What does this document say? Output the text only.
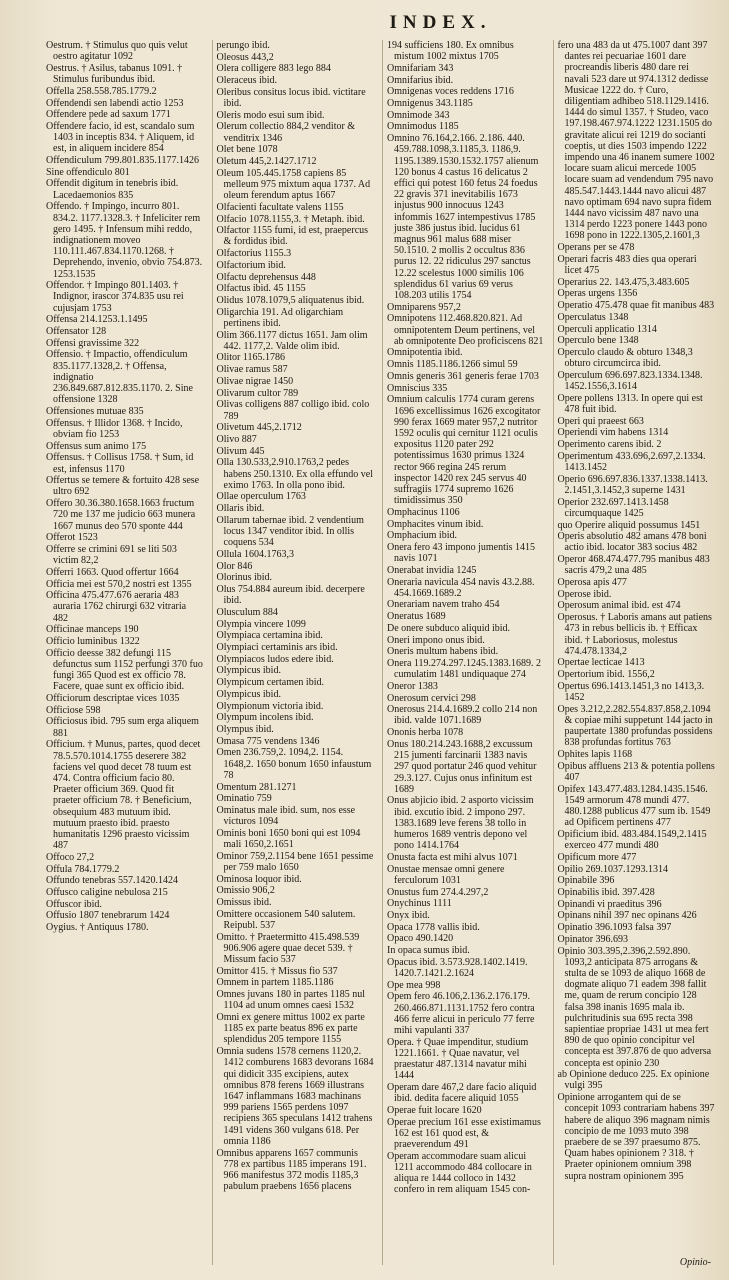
INDEX.
Oestrum. † Stimulus quo quis velut oestro agitatur 1092
Oestrus. † Asilus, tabanus 1091. † Stimulus furibundus ibid.
Offella 258.558.785.1779.2
Offendendi sen labendi actio 1253
Offendere pede ad saxum 1771
Offendere facio, id est, scandalo sum 1403 in inceptis 834. † Aliquem, id est, in aliquem incidere 854
Offendiculum 799.801.835.1177.1426
Sine offendiculo 801
Offendit digitum in tenebris ibid. Lacedaemonios 835
Offendo. † Impingo, incurro 801. 834.2. 1177.1328.3. † Infeliciter rem gero 1495. † Infensum mihi reddo, indignationem moveo 110.111.467.834.1170.1268. † Deprehendo, invenio, obvio 754.873. 1253.1535
Offendor. † Impingo 801.1403. † Indignor, irascor 374.835 usu rei cujusjam 1753
Offensa 214.1253.1.1495
Offensator 128
Offensi gravissime 322
Offensio. † Impactio, offendiculum 835.1177.1328,2. † Offensa, indignatio 236.849.687.812.835.1170. 2. Sine offensione 1328
Offensiones mutuae 835
Offensus. † Illidor 1368. † Incido, obviam fio 1253
Offensus sum animo 175
Offensus. † Collisus 1758. † Sum, id est, infensus 1170
Offertus se temere & fortuito 428 sese ultro 692
Offero 30.36.380.1658.1663 fructum 720 me 137 me judicio 663 munera 1667 munus deo 570 sponte 444
Offerot 1523
Offerre se crimini 691 se liti 503 victim 82,2
Offerri 1663. Quod offertur 1664
Officia mei est 570,2 nostri est 1355
Officina 475.477.676 aeraria 483 auraria 1762 chirurgi 632 vitraria 482
Officinae manceps 190
Officio luminibus 1322
Officio deesse 382 defungi 115 defunctus sum 1152 perfungi 370 fuo fungi 365 Quod est ex officio 78. Facere, quae sunt ex officio ibid.
Officiorum descriptae vices 1035
Officiose 598
Officiosus ibid. 795 sum erga aliquem 881
Officium. † Munus, partes, quod decet 78.5.570.1014.1755 deserere 382 faciens vel quod decet 78 tuum est 474. Contra officium facio 80. Praeter officium 369. Quod fit praeter officium 78. † Beneficium, obsequium 483 mutuum ibid. mutuum praesto ibid. praesto humanitatis 1296 praesto vicissim 487
Offoco 27,2
Offula 784.1779.2
Offundo tenebras 557.1420.1424
Offusco caligine nebulosa 215
Offuscor ibid.
Offusio 1807 tenebrarum 1424
Oygius. † Antiquus 1780.
perungo ibid.
Oleosus 443,2
Olera colligere 883 lego 884
Oleraceus ibid.
Oleribus consitus locus ibid. victitare ibid.
Oleris modo esui sum ibid.
Olerum collectio 884,2 venditor & venditrix 1346
Olet bene 1078
Oletum 445,2.1427.1712
Oleum 105.445.1758 capiens 85 melleum 975 mixtum aqua 1737. Ad oleum ferendum aptus 1667
Olfacienti facultate valens 1155
Olfacio 1078.1155,3. † Metaph. ibid.
Olfactor 1155 fumi, id est, praepercus & fordidus ibid.
Olfactorius 1155.3
Olfactorium ibid.
Olfactu deprehensus 448
Olfactus ibid. 45 1155
Olidus 1078.1079,5 aliquatenus ibid.
Oligarchia 191. Ad oligarchiam pertinens ibid.
Olim 366.1177 dictus 1651. Jam olim 442. 1177,2. Valde olim ibid.
Olitor 1165.1786
Olivae ramus 587
Olivae nigrae 1450
Olivarum cultor 789
Olivas colligens 887 colligo ibid. colo 789
Olivetum 445,2.1712
Olivo 887
Olivum 445
Olla 130.533,2.910.1763,2 pedes habens 250.1310. Ex olla effundo vel eximo 1763. In olla pono ibid.
Ollae operculum 1763
Ollaris ibid.
Ollarum tabernae ibid. 2 vendentium locus 1347 venditor ibid. In ollis coquens 534
Ollula 1604.1763,3
Olor 846
Olorinus ibid.
Olus 754.884 aureum ibid. decerpere ibid.
Olusculum 884
Olympia vincere 1099
Olympiaca certamina ibid.
Olympiaci certaminis ars ibid.
Olympiacos ludos edere ibid.
Olympicus ibid.
Olympicum certamen ibid.
Olympicus ibid.
Olympionum victoria ibid.
Olympum incolens ibid.
Olympus ibid.
Omasa 775 vendens 1346
Omen 236.759,2. 1094,2. 1154. 1648,2. 1650 bonum 1650 infaustum 78
Omentum 281.1271
Ominatio 759
Ominatus male ibid. sum, nos esse victuros 1094
Ominis boni 1650 boni qui est 1094 mali 1650,2.1651
Ominor 759,2.1154 bene 1651 pessime per 759 malo 1650
Ominosa loquor ibid.
Omissio 906,2
Omissus ibid.
Omittere occasionem 540 salutem. Reipubl. 537
Omitto. † Praetermitto 415.498.539 906.906 agere quae decet 539. † Missum facio 537
Omittor 415. † Missus fio 537
Omnem in partem 1185.1186
Omnes juvans 180 in partes 1185 nul 1104 ad unum omnes caesi 1532
Omni ex genere mittus 1002 ex parte 1185 ex parte beatus 896 ex parte splendidus 205 tempore 1155
Omnia sudens 1578 cernens 1120,2. 1412 comburens 1683 devorans 1684 qui didicit 335 excipiens, autex omnibus 878 ferens 1669 illustrans 1647 inflammans 1683 machinans 999 pariens 1565 perdens 1097 recipiens 365 speculans 1412 trahens 1491 videns 360 vulgans 618. Per omnia 1186
Omnibus apparens 1657 communis 778 ex partibus 1185 imperans 191. 966 manifestus 372 modis 1185,3 pabulum praebens 1656 placens
194 sufficiens 180. Ex omnibus mistum 1002 mixtus 1705
Omnifariam 343
Omnifarius ibid.
Omnigenas voces reddens 1716
Omnigenus 343.1185
Omnimode 343
Omnimodus 1185
Omnino 76.164,2.166. 2.186. 440. 459.788.1098,3.1185,3. 1186,9. 1195.1389.1530.1532.1757 alienum 120 bonus 4 castus 16 delicatus 2 effici qui potest 160 fetus 24 foedus 22 gravis 371 inevitabilis 1673 injustus 900 innocuus 1243 infommis 1627 intempestivus 1785 juste 386 justus ibid. lucidus 61 magnus 961 malus 688 miser 50.1510. 2 mollis 2 occultus 836 purus 12. 22 ridiculus 297 sanctus 12.22 scelestus 1000 similis 106 splendidus 61 varius 69 verus 108.203 utilis 1754
Omniparens 957,2
Omnipotens 112.468.820.821. Ad omnipotentem Deum pertinens, vel ab omnipotente Deo proficiscens 821
Omnipotentia ibid.
Omnis 1185.1186.1266 simul 59
Omnis generis 361 generis ferae 1703
Omniscius 335
Omnium calculis 1774 curam gerens 1696 excellissimus 1626 excogitator 990 ferax 1669 mater 957,2 nutritor 1592 oculis qui cernitur 1121 oculis expositus 1120 pater 292 potentissimus 1630 primus 1324 rector 966 regina 245 rerum inspector 1420 rex 245 servus 40 suffragiis 1774 supremo 1626 timidissimus 350
Omphacinus 1106
Omphacites vinum ibid.
Omphacium ibid.
Onera fero 43 impono jumentis 1415 navis 1071
Onerabat invidia 1245
Oneraria navicula 454 navis 43.2.88. 454.1669.1689.2
Onerariam navem traho 454
Oneratus 1689
De onere subduco aliquid ibid.
Oneri impono onus ibid.
Oneris multum habens ibid.
Onera 119.274.297.1245.1383.1689. 2 cumulatim 1481 undiquaque 274
Oneror 1383
Onerosum cervici 298
Onerosus 214.4.1689.2 collo 214 non ibid. valde 1071.1689
Ononis herba 1078
Onus 180.214.243.1688,2 excussum 215 jumenti farcinarii 1383 navis 297 quod portatur 246 quod vehitur 29.3.127. Cujus onus infinitum est 1689
Onus abjicio ibid. 2 asporto vicissim ibid. excutio ibid. 2 impono 297. 1383.1689 leve ferens 38 tollo in humeros 1689 ventris depono vel pono 1414.1764
Onusta facta est mihi alvus 1071
Onustae mensae omni genere ferculorum 1031
Onustus fum 274.4.297,2
Onychinus 1111
Onyx ibid.
Opaca 1778 vallis ibid.
Opaco 490.1420
In opaca sumus ibid.
Opacus ibid. 3.573.928.1402.1419. 1420.7.1421.2.1624
Ope mea 998
Opem fero 46.106,2.136.2.176.179. 260.466.871.1131.1752 fero contra 466 ferre alicui in periculo 77 ferre mihi vapulanti 337
Opera. † Quae impenditur, studium 1221.1661. † Quae navatur, vel praestatur 487.1314 navatur mihi 1444
Operam dare 467,2 dare facio aliquid ibid. dedita facere aliquid 1055
Operae fuit locare 1620
Operae precium 161 esse existimamus 162 est 161 quod est, & praeverendum 491
Operam accommodare suam alicui 1211 accommodo 484 collocare in aliqua re 1444 colloco in 1432 confero in rem aliquam 1545 con-
fero una 483 da ut 475.1007 dant 397 dantes rei pecuariae 1601 dare procreandis liberis 480 dare rei navali 523 dare ut 974.1312 dedisse Musicae 1222 do. † Curo, diligentiam adhibeo 518.1129.1416. 1444 do simul 1357. † Studeo, vaco 197.198.467.974.1222 1231.1505 do gravitate alicui rei 1219 do socianti coeptis, ut dies 1503 impendo 1222 impendo una 46 inanem sumere 1002 locare suam alicui mercede 1005 locare suam ad vendendum 795 navo 485.547.1443.1444 navo alicui 487 navo optimam 694 navo supra fidem 1444 navo vicissim 487 navo una 1314 perdo 1223 ponere 1443 pono 1698 pono in 1222.1305,2.1601,3
Operans per se 478
Operari facris 483 dies qua operari licet 475
Operarius 22. 143.475,3.483.605
Operas urgens 1356
Operatio 475.478 quae fit manibus 483
Operculatus 1348
Operculi applicatio 1314
Operculo bene 1348
Operculo claudo & obturo 1348,3 obturo circumcirca ibid.
Operculum 696.697.823.1334.1348. 1452.1556,3.1614
Opere pollens 1313. In opere qui est 478 fuit ibid.
Operi qui praeest 663
Operiendi vim habens 1314
Operimento carens ibid. 2
Operimentum 433.696,2.697,2.1334. 1413.1452
Operio 696.697.836.1337.1338.1413. 2.1451,3.1452,3 superne 1431
Operior 232.697.1413.1458 circumquaque 1425
quo Operire aliquid possumus 1451
Operis absolutio 482 amans 478 boni actio ibid. locator 383 socius 482
Operor 468.474.477.795 manibus 483 sacris 479,2 una 485
Operosa apis 477
Operose ibid.
Operosum animal ibid. est 474
Operosus. † Laboris amans aut patiens 473 in rebus bellicis ib. † Efficax ibid. † Laboriosus, molestus 474.478.1334,2
Opertae lecticae 1413
Opertorium ibid. 1556,2
Opertus 696.1413.1451,3 no 1413,3. 1452
Opes 3.212,2.282.554.837.858,2.1094 & copiae mihi suppetunt 144 jacto in paupertate 1380 profundas possidens 838 profundas fortitus 763
Ophites lapis 1168
Opibus affluens 213 & potentia pollens 407
Opifex 143.477.483.1284.1435.1546. 1549 armorum 478 mundi 477. 480.1288 publicus 477 sum ib. 1549 ad Opificem pertinens 477
Opificium ibid. 483.484.1549,2.1415 exerceo 477 mundi 480
Opificum more 477
Opilio 269.1037.1293.1314
Opinabile 396
Opinabilis ibid. 397.428
Opinandi vi praeditus 396
Opinans nihil 397 nec opinans 426
Opinatio 396.1093 falsa 397
Opinator 396.693
Opinio 303.395,2.396,2.592.890. 1093,2 anticipata 875 arrogans & stulta de se 1093 de aliquo 1668 de dogmate aliquo 71 eadem 398 fallit me, quam de rerum concipio 128 falsa 398 inanis 1695 mala ib. pulchritudinis sua 695 recta 398 sapientiae propriae 1431 ut mea fert 890 de quo opinio concipitur vel concepta est 397.876 de quo adversa concepta est opinio 230
ab Opinione deduco 225. Ex opinione vulgi 395
Opinione arrogantem qui de se concepit 1093 contrariam habens 397 habere de aliquo 396 magnam nimis concipio de me 1093 muto 398 praebere de se 397 praesumo 875. Quam habes opinionem ? 318. † Praeter opinionem omnium 398 supra nostram opinionem 395
Opinio-
